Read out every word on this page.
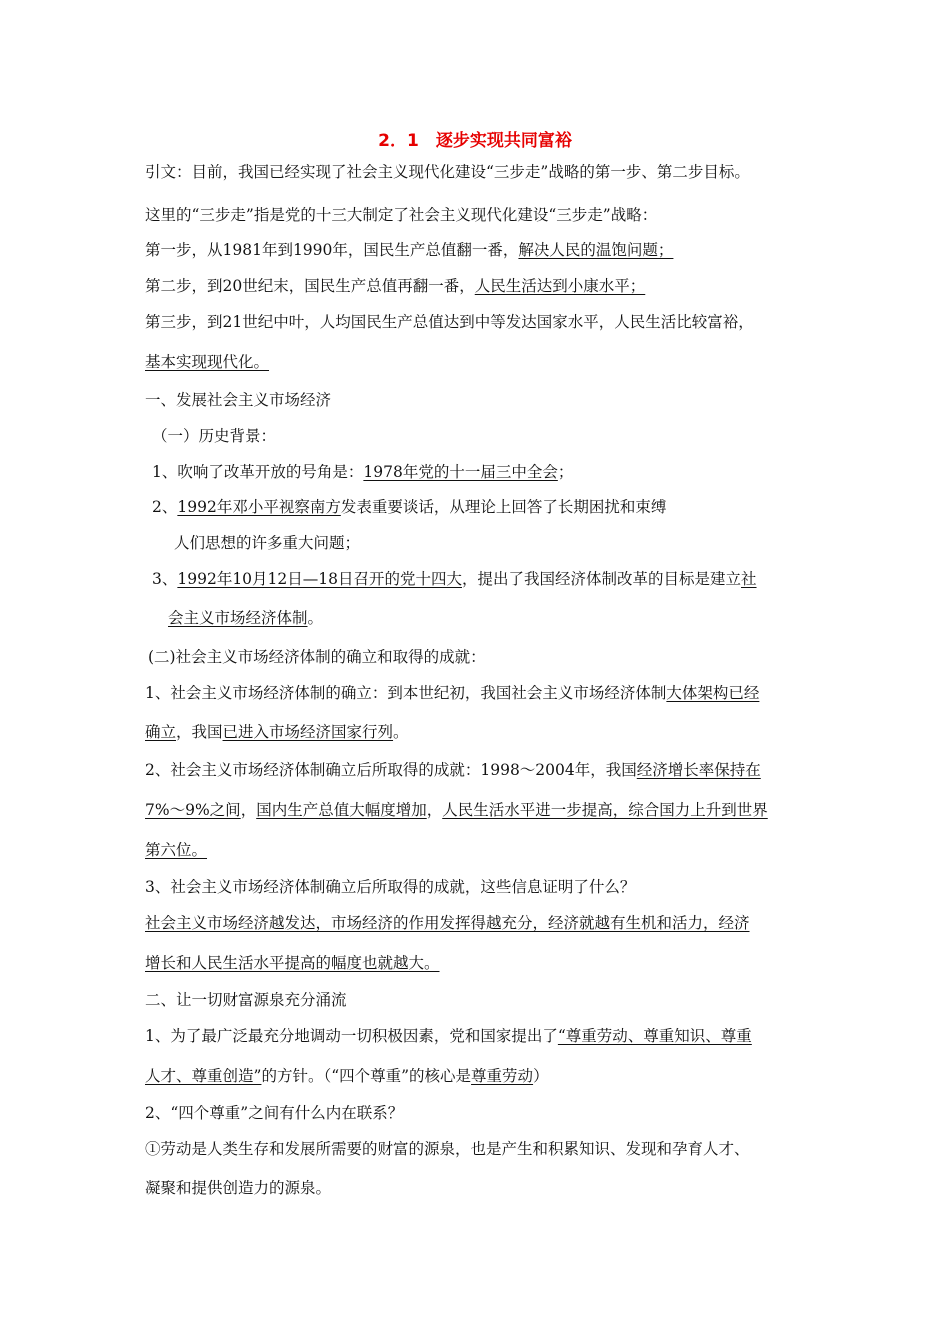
2．1　逐步实现共同富裕
引文：目前，我国已经实现了社会主义现代化建设“三步走”战略的第一步、第二步目标。
这里的“三步走”指是党的十三大制定了社会主义现代化建设“三步走”战略：
第一步，从1981年到1990年，国民生产总值翻一番，解决人民的温饱问题；
第二步，到20世纪末，国民生产总值再翻一番，人民生活达到小康水平；
第三步，到21世纪中叶，人均国民生产总值达到中等发达国家水平，人民生活比较富裕，
基本实现现代化。
一、发展社会主义市场经济
（一）历史背景：
1、吹响了改革开放的号角是：1978年党的十一届三中全会；
2、1992年邓小平视察南方发表重要谈话，从理论上回答了长期困扰和束缚
人们思想的许多重大问题；
3、1992年10月12日—18日召开的党十四大，提出了我国经济体制改革的目标是建立社
会主义市场经济体制。
(二)社会主义市场经济体制的确立和取得的成就：
1、社会主义市场经济体制的确立：到本世纪初，我国社会主义市场经济体制大体架构已经
确立，我国已进入市场经济国家行列。
2、社会主义市场经济体制确立后所取得的成就：1998～2004年，我国经济增长率保持在
7%～9%之间，国内生产总值大幅度增加，人民生活水平进一步提高，综合国力上升到世界
第六位。
3、社会主义市场经济体制确立后所取得的成就，这些信息证明了什么？
社会主义市场经济越发达，市场经济的作用发挥得越充分，经济就越有生机和活力，经济
增长和人民生活水平提高的幅度也就越大。
二、让一切财富源泉充分涌流
1、为了最广泛最充分地调动一切积极因素，党和国家提出了“尊重劳动、尊重知识、尊重
人才、尊重创造”的方针。（“四个尊重”的核心是尊重劳动）
2、“四个尊重”之间有什么内在联系？
①劳动是人类生存和发展所需要的财富的源泉，也是产生和积累知识、发现和孕育人才、
凝聚和提供创造力的源泉。
